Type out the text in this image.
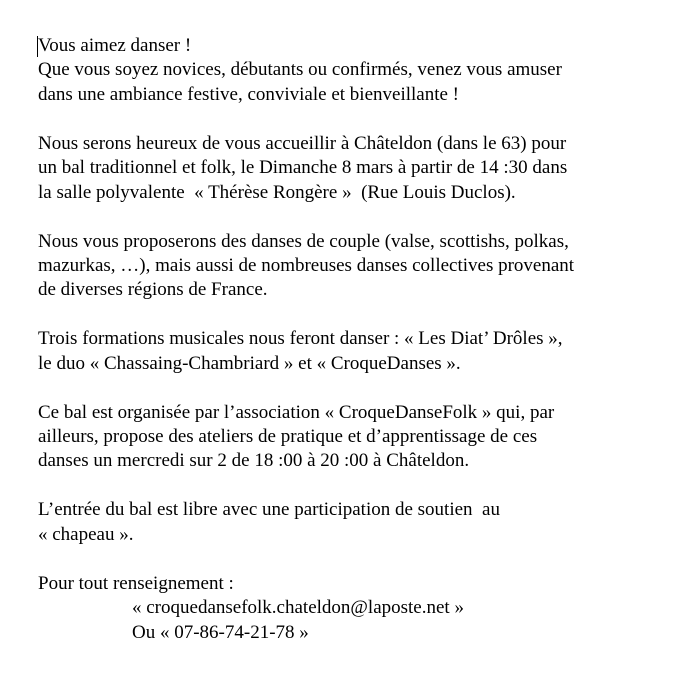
Vous aimez danser !
Que vous soyez novices, débutants ou confirmés, venez vous amuser
dans une ambiance festive, conviviale et bienveillante !
Nous serons heureux de vous accueillir à Châteldon (dans le 63) pour
un bal traditionnel et folk, le Dimanche 8 mars à partir de 14 :30 dans
la salle polyvalente  « Thérèse Rongère »  (Rue Louis Duclos).
Nous vous proposerons des danses de couple (valse, scottishs, polkas,
mazurkas, …), mais aussi de nombreuses danses collectives provenant
de diverses régions de France.
Trois formations musicales nous feront danser : « Les Diat’ Drôles »,
le duo « Chassaing-Chambriard » et « CroqueDanses ».
Ce bal est organisée par l’association « CroqueDanseFolk » qui, par
ailleurs, propose des ateliers de pratique et d’apprentissage de ces
danses un mercredi sur 2 de 18 :00 à 20 :00 à Châteldon.
L’entrée du bal est libre avec une participation de soutien  au
« chapeau ».
Pour tout renseignement :
« croquedansefolk.chateldon@laposte.net »
Ou « 07-86-74-21-78 »
